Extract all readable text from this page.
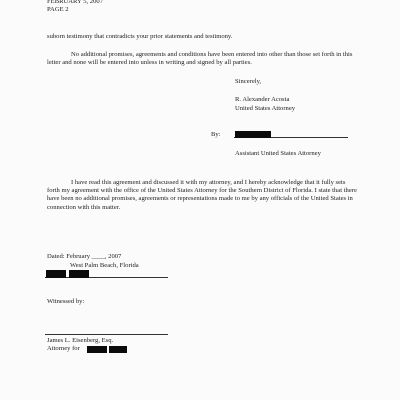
FEBRUARY 5, 2007
PAGE 2
suborn testimony that contradicts your prior statements and testimony.
No additional promises, agreements and conditions have been entered into other than those set forth in this letter and none will be entered into unless in writing and signed by all parties.
Sincerely,
R. Alexander Acosta
United States Attorney
By:
Assistant United States Attorney
I have read this agreement and discussed it with my attorney, and I hereby acknowledge that it fully sets forth my agreement with the office of the United States Attorney for the Southern District of Florida. I state that there have been no additional promises, agreements or representations made to me by any officials of the United States in connection with this matter.
Dated: February ____, 2007
West Palm Beach, Florida
Witnessed by:
James L. Eisenberg, Esq.
Attorney for
